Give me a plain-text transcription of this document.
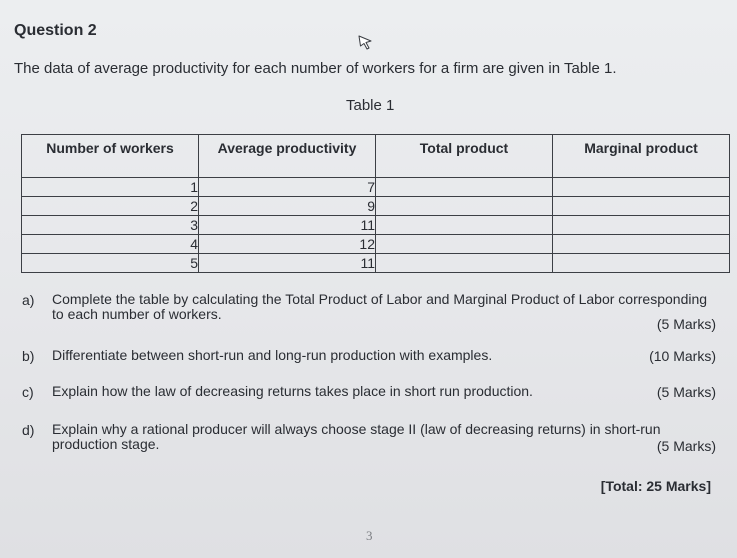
Question 2
The data of average productivity for each number of workers for a firm are given in Table 1.
Table 1
Number of workers	Average productivity	Total product	Marginal product
1	7		
2	9		
3	11		
4	12		
5	11		
a) Complete the table by calculating the Total Product of Labor and Marginal Product of Labor corresponding to each number of workers.
(5 Marks)
b) Differentiate between short-run and long-run production with examples.	(10 Marks)
c) Explain how the law of decreasing returns takes place in short run production.	(5 Marks)
d) Explain why a rational producer will always choose stage II (law of decreasing returns) in short-run production stage.	(5 Marks)
[Total: 25 Marks]
3
